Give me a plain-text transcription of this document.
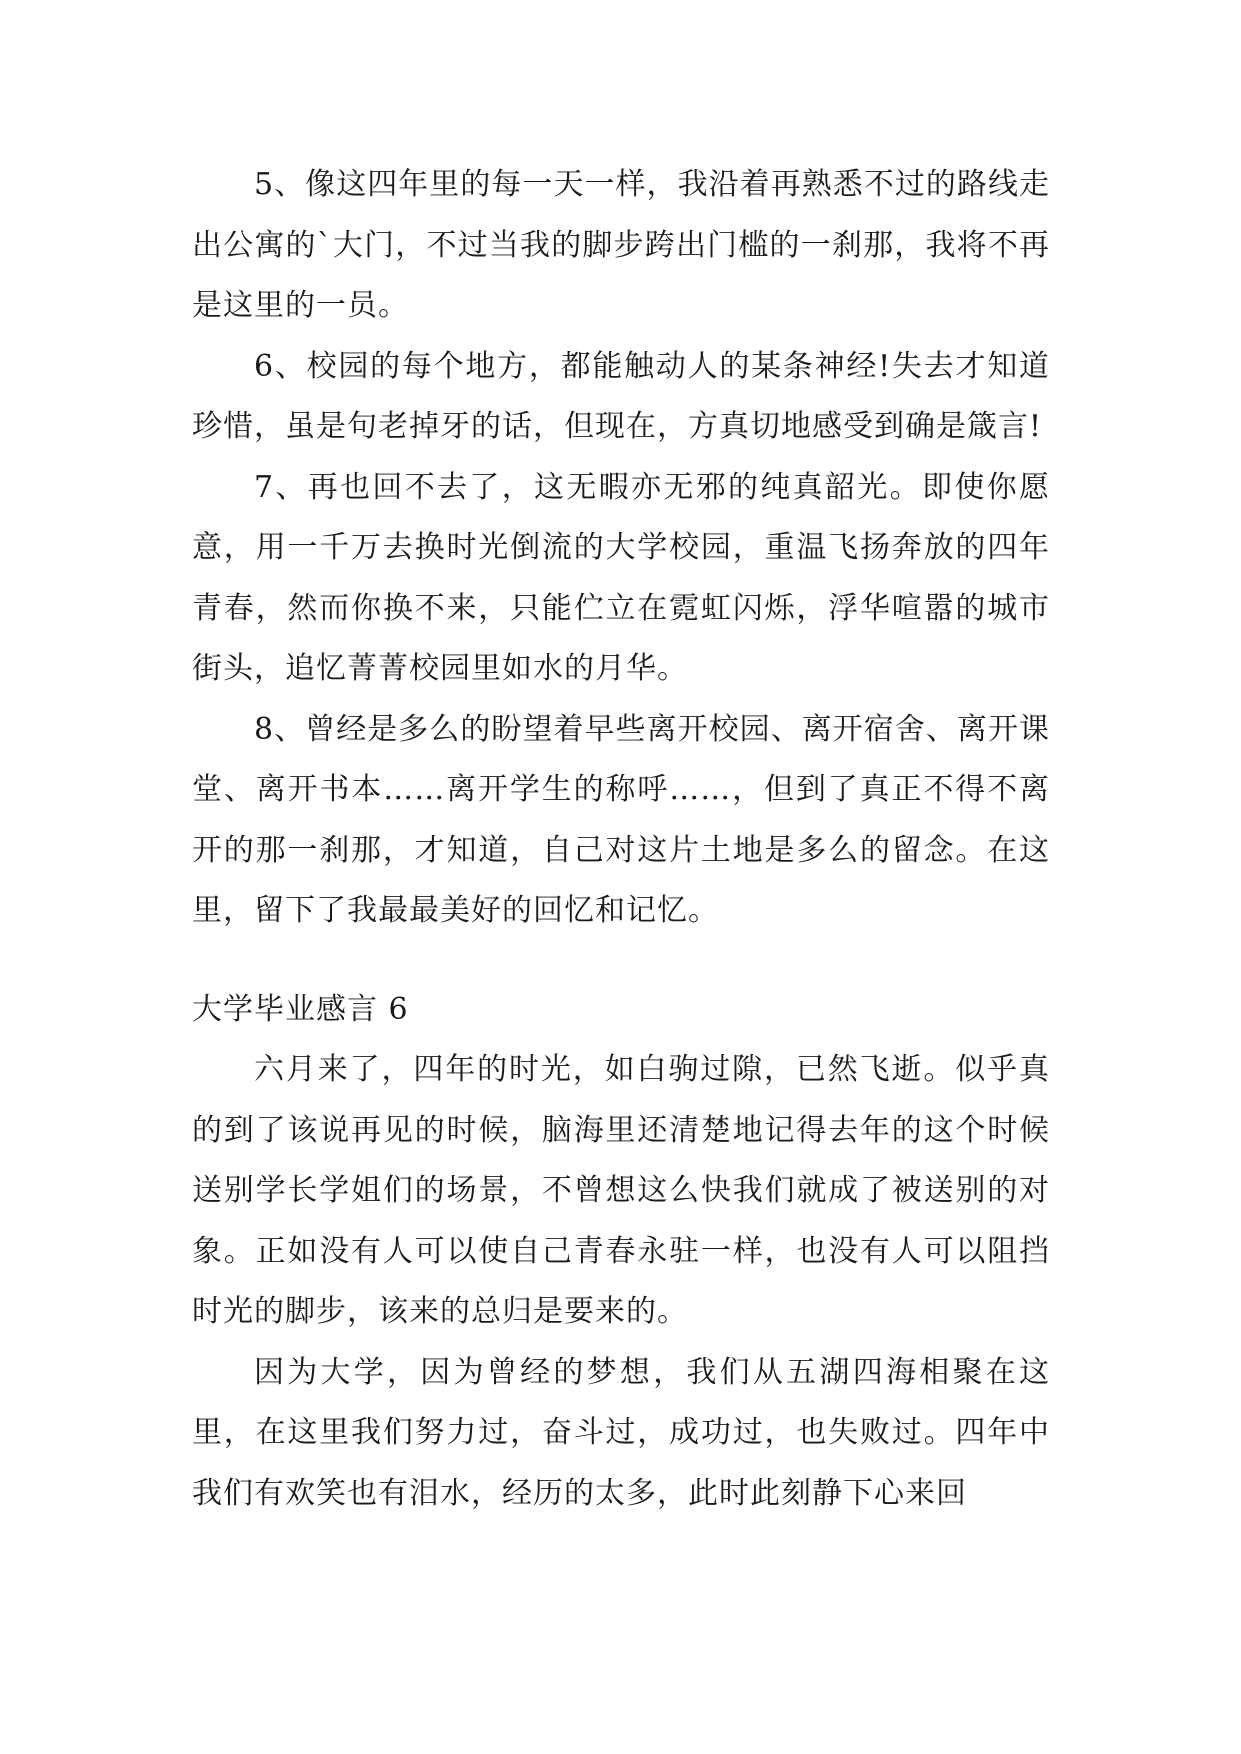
5、像这四年里的每一天一样，我沿着再熟悉不过的路线走出公寓的`大门，不过当我的脚步跨出门槛的一刹那，我将不再是这里的一员。

6、校园的每个地方，都能触动人的某条神经!失去才知道珍惜，虽是句老掉牙的话，但现在，方真切地感受到确是箴言!

7、再也回不去了，这无暇亦无邪的纯真韶光。即使你愿意，用一千万去换时光倒流的大学校园，重温飞扬奔放的四年青春，然而你换不来，只能伫立在霓虹闪烁，浮华喧嚣的城市街头，追忆菁菁校园里如水的月华。

8、曾经是多么的盼望着早些离开校园、离开宿舍、离开课堂、离开书本……离开学生的称呼……，但到了真正不得不离开的那一刹那，才知道，自己对这片土地是多么的留念。在这里，留下了我最最美好的回忆和记忆。

大学毕业感言 6

六月来了，四年的时光，如白驹过隙，已然飞逝。似乎真的到了该说再见的时候，脑海里还清楚地记得去年的这个时候送别学长学姐们的场景，不曾想这么快我们就成了被送别的对象。正如没有人可以使自己青春永驻一样，也没有人可以阻挡时光的脚步，该来的总归是要来的。

因为大学，因为曾经的梦想，我们从五湖四海相聚在这里，在这里我们努力过，奋斗过，成功过，也失败过。四年中我们有欢笑也有泪水，经历的太多，此时此刻静下心来回
